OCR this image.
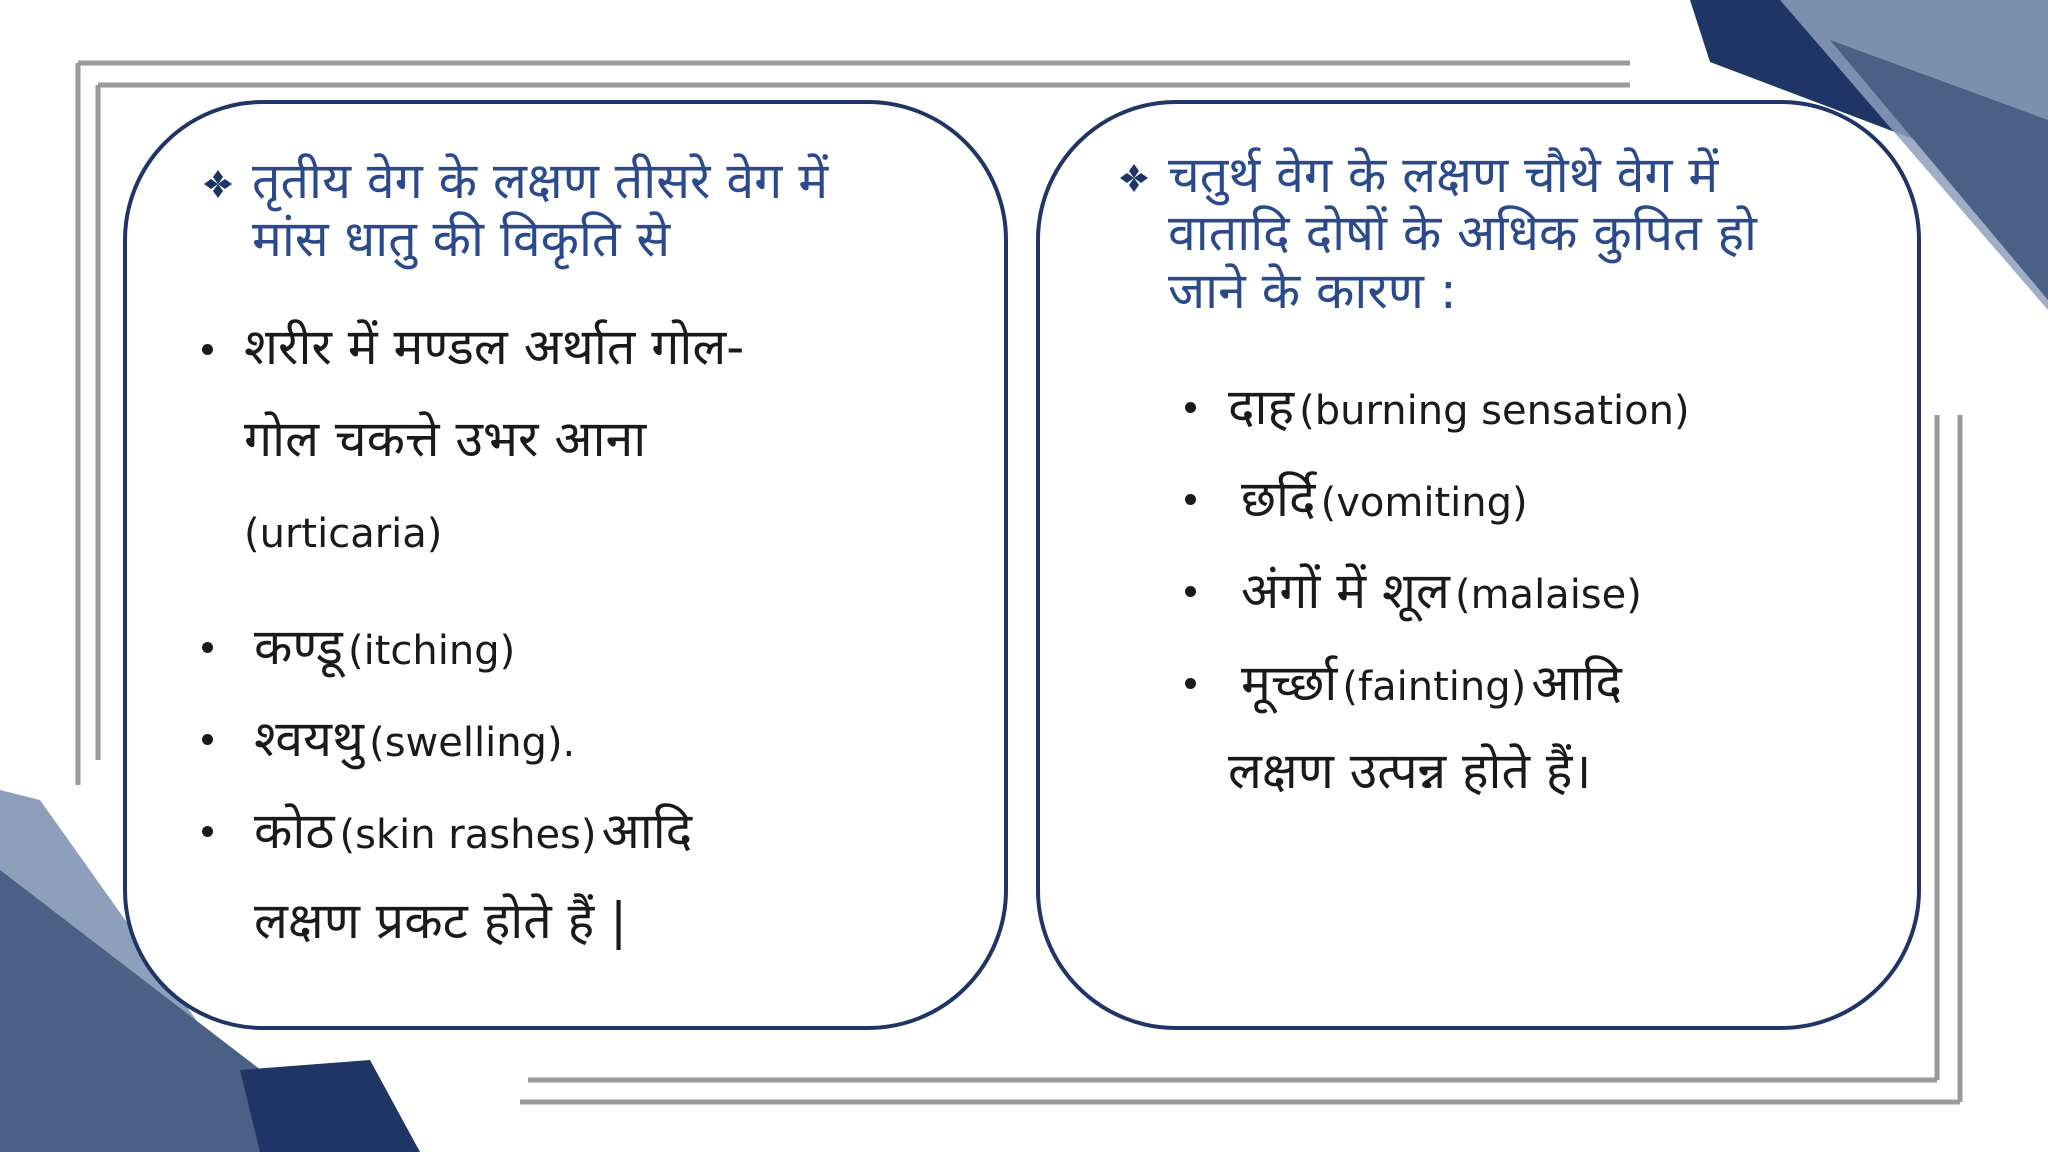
तृतीय वेग के लक्षण तीसरे वेग में
मांस धातु की विकृति से
शरीर में मण्डल अर्थात गोल-
गोल चकत्ते उभर आना
(urticaria)
कण्डू (itching)
श्वयथु (swelling).
कोठ (skin rashes) आदि
लक्षण प्रकट होते हैं |
चतुर्थ वेग के लक्षण चौथे वेग में
वातादि दोषों के अधिक कुपित हो
जाने के कारण :
दाह (burning sensation)
छर्दि (vomiting)
अंगों में शूल (malaise)
मूर्च्छा (fainting) आदि
लक्षण उत्पन्न होते हैं।
